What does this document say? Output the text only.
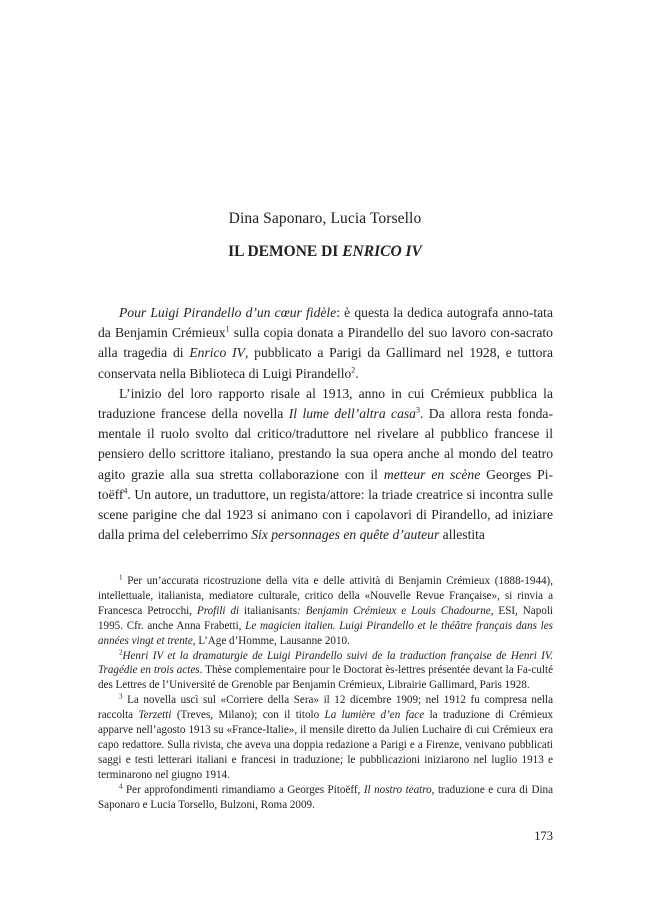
Dina Saponaro, Lucia Torsello
IL DEMONE DI ENRICO IV

Pour Luigi Pirandello d’un cœur fidèle: è questa la dedica autografa anno-tata da Benjamin Crémieux$^1$ sulla copia donata a Pirandello del suo lavoro con-sacrato alla tragedia di Enrico IV, pubblicato a Parigi da Gallimard nel 1928, e tuttora conservata nella Biblioteca di Luigi Pirandello$^2$.

L’inizio del loro rapporto risale al 1913, anno in cui Crémieux pubblica la traduzione francese della novella Il lume dell’altra casa$^3$. Da allora resta fonda-mentale il ruolo svolto dal critico/traduttore nel rivelare al pubblico francese il pensiero dello scrittore italiano, prestando la sua opera anche al mondo del teatro agito grazie alla sua stretta collaborazione con il metteur en scène Georges Pi-toëff$^4$. Un autore, un traduttore, un regista/attore: la triade creatrice si incontra sulle scene parigine che dal 1923 si animano con i capolavori di Pirandello, ad iniziare dalla prima del celeberrimo Six personnages en quête d’auteur allestita

$^1$ Per un’accurata ricostruzione della vita e delle attività di Benjamin Crémieux (1888-1944), intellettuale, italianista, mediatore culturale, critico della «Nouvelle Revue Française», si rinvia a Francesca Petrocchi, Profili di italianisants: Benjamin Crémieux e Louis Chadourne, ESI, Napoli 1995. Cfr. anche Anna Frabetti, Le magicien italien. Luigi Pirandello et le théâtre français dans les années vingt et trente, L’Age d’Homme, Lausanne 2010.

$^2$Henri IV et la dramaturgie de Luigi Pirandello suivi de la traduction française de Henri IV. Tragédie en trois actes. Thèse complementaire pour le Doctorat ès-lettres présentée devant la Fa-culté des Lettres de l’Université de Grenoble par Benjamin Crémieux, Librairie Gallimard, Paris 1928.

$^3$ La novella uscì sul «Corriere della Sera» il 12 dicembre 1909; nel 1912 fu compresa nella raccolta Terzetti (Treves, Milano); con il titolo La lumière d’en face la traduzione di Crémieux apparve nell’agosto 1913 su «France-Italie», il mensile diretto da Julien Luchaire di cui Crémieux era capo redattore. Sulla rivista, che aveva una doppia redazione a Parigi e a Firenze, venivano pubblicati saggi e testi letterari italiani e francesi in traduzione; le pubblicazioni iniziarono nel luglio 1913 e terminarono nel giugno 1914.

$^4$ Per approfondimenti rimandiamo a Georges Pitoëff, Il nostro teatro, traduzione e cura di Dina Saponaro e Lucia Torsello, Bulzoni, Roma 2009.

173
